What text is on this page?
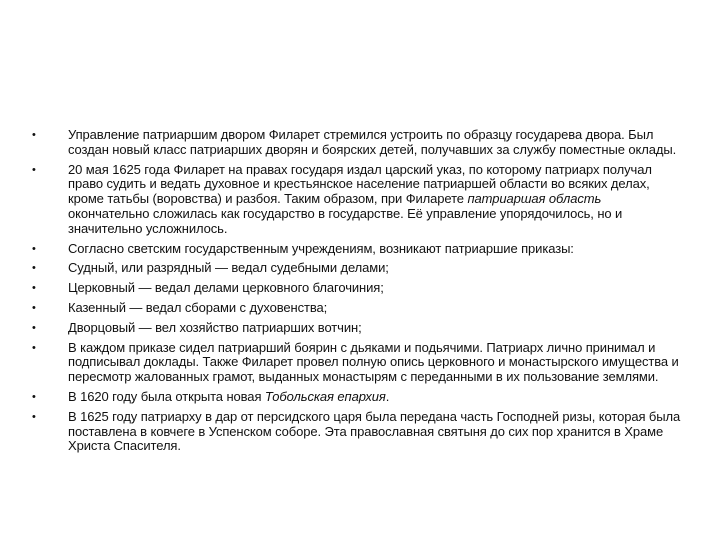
•	Управление патриаршим двором Филарет стремился устроить по образцу государева двора. Был создан новый класс патриарших дворян и боярских детей, получавших за службу поместные оклады.
•	20 мая 1625 года Филарет на правах государя издал царский указ, по которому патриарх получал право судить и ведать духовное и крестьянское население патриаршей области во всяких делах, кроме татьбы (воровства) и разбоя. Таким образом, при Филарете патриаршая область окончательно сложилась как государство в государстве. Её управление упорядочилось, но и значительно усложнилось.
•	Согласно светским государственным учреждениям, возникают патриаршие приказы:
•	Судный, или разрядный — ведал судебными делами;
•	Церковный — ведал делами церковного благочиния;
•	Казенный — ведал сборами с духовенства;
•	Дворцовый — вел хозяйство патриарших вотчин;
•	В каждом приказе сидел патриарший боярин с дьяками и подьячими. Патриарх лично принимал и подписывал доклады. Также Филарет провел полную опись церковного и монастырского имущества и пересмотр жалованных грамот, выданных монастырям с переданными в их пользование землями.
•	В 1620 году была открыта новая Тобольская епархия.
•	В 1625 году патриарху в дар от персидского царя была передана часть Господней ризы, которая была поставлена в ковчеге в Успенском соборе. Эта православная святыня до сих пор хранится в Храме Христа Спасителя.
